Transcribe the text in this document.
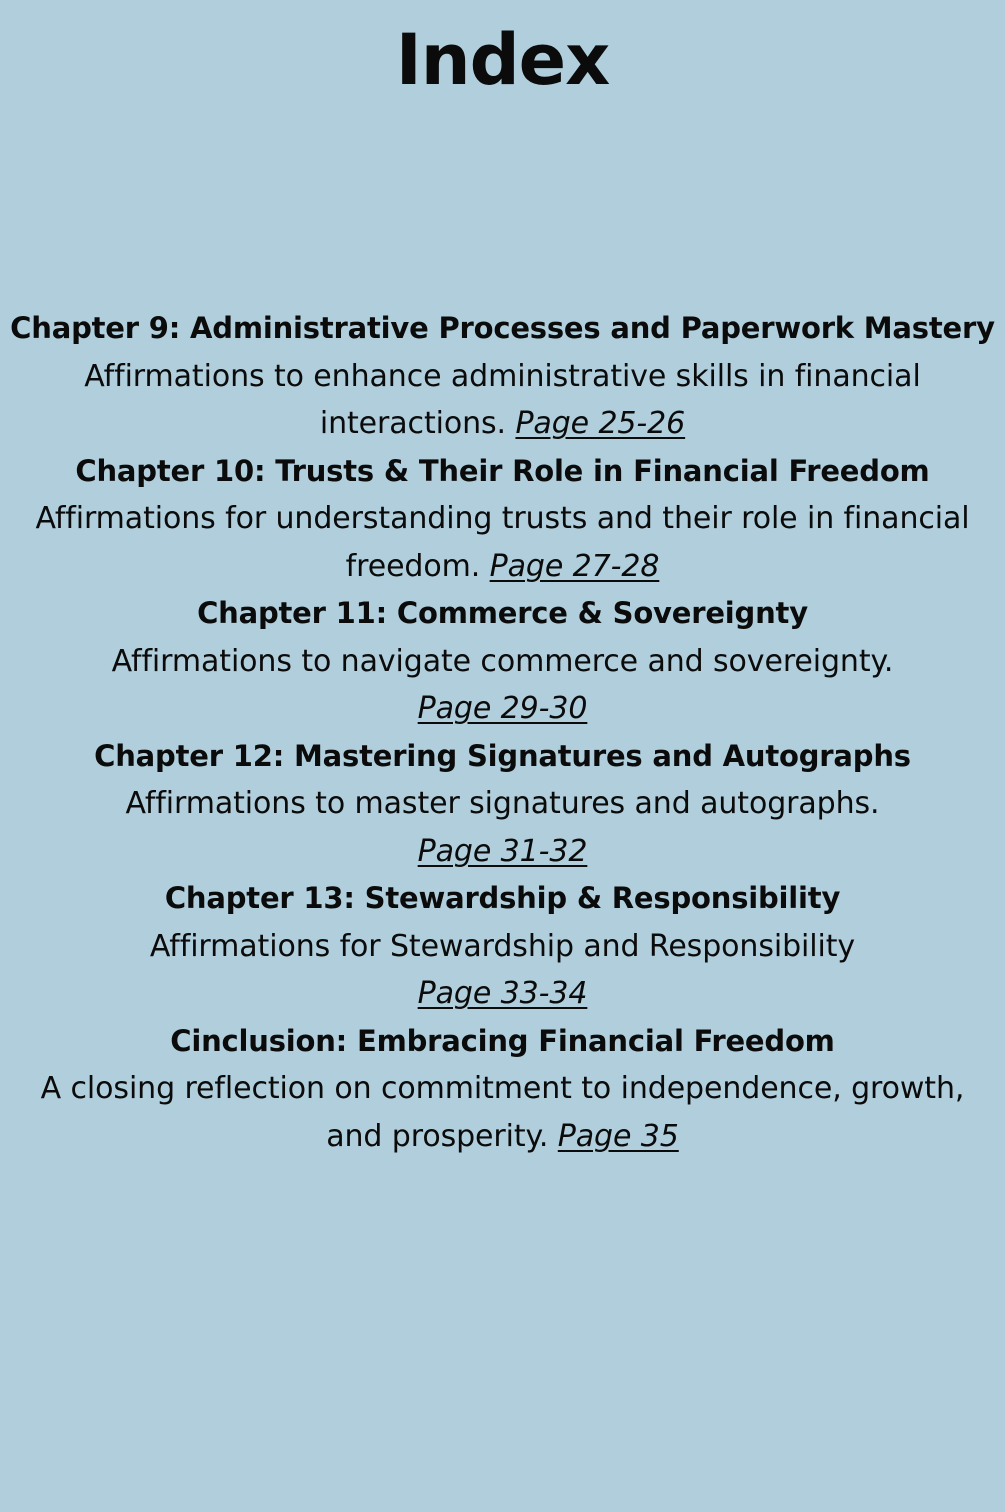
Index
Chapter 9: Administrative Processes and Paperwork Mastery
Affirmations to enhance administrative skills in financial interactions. Page 25-26
Chapter 10: Trusts & Their Role in Financial Freedom
Affirmations for understanding trusts and their role in financial freedom. Page 27-28
Chapter 11: Commerce & Sovereignty
Affirmations to navigate commerce and sovereignty.
Page 29-30
Chapter 12: Mastering Signatures and Autographs
Affirmations to master signatures and autographs.
Page 31-32
Chapter 13: Stewardship & Responsibility
Affirmations for Stewardship and Responsibility
Page 33-34
Cinclusion: Embracing Financial Freedom
A closing reflection on commitment to independence, growth, and prosperity. Page 35
